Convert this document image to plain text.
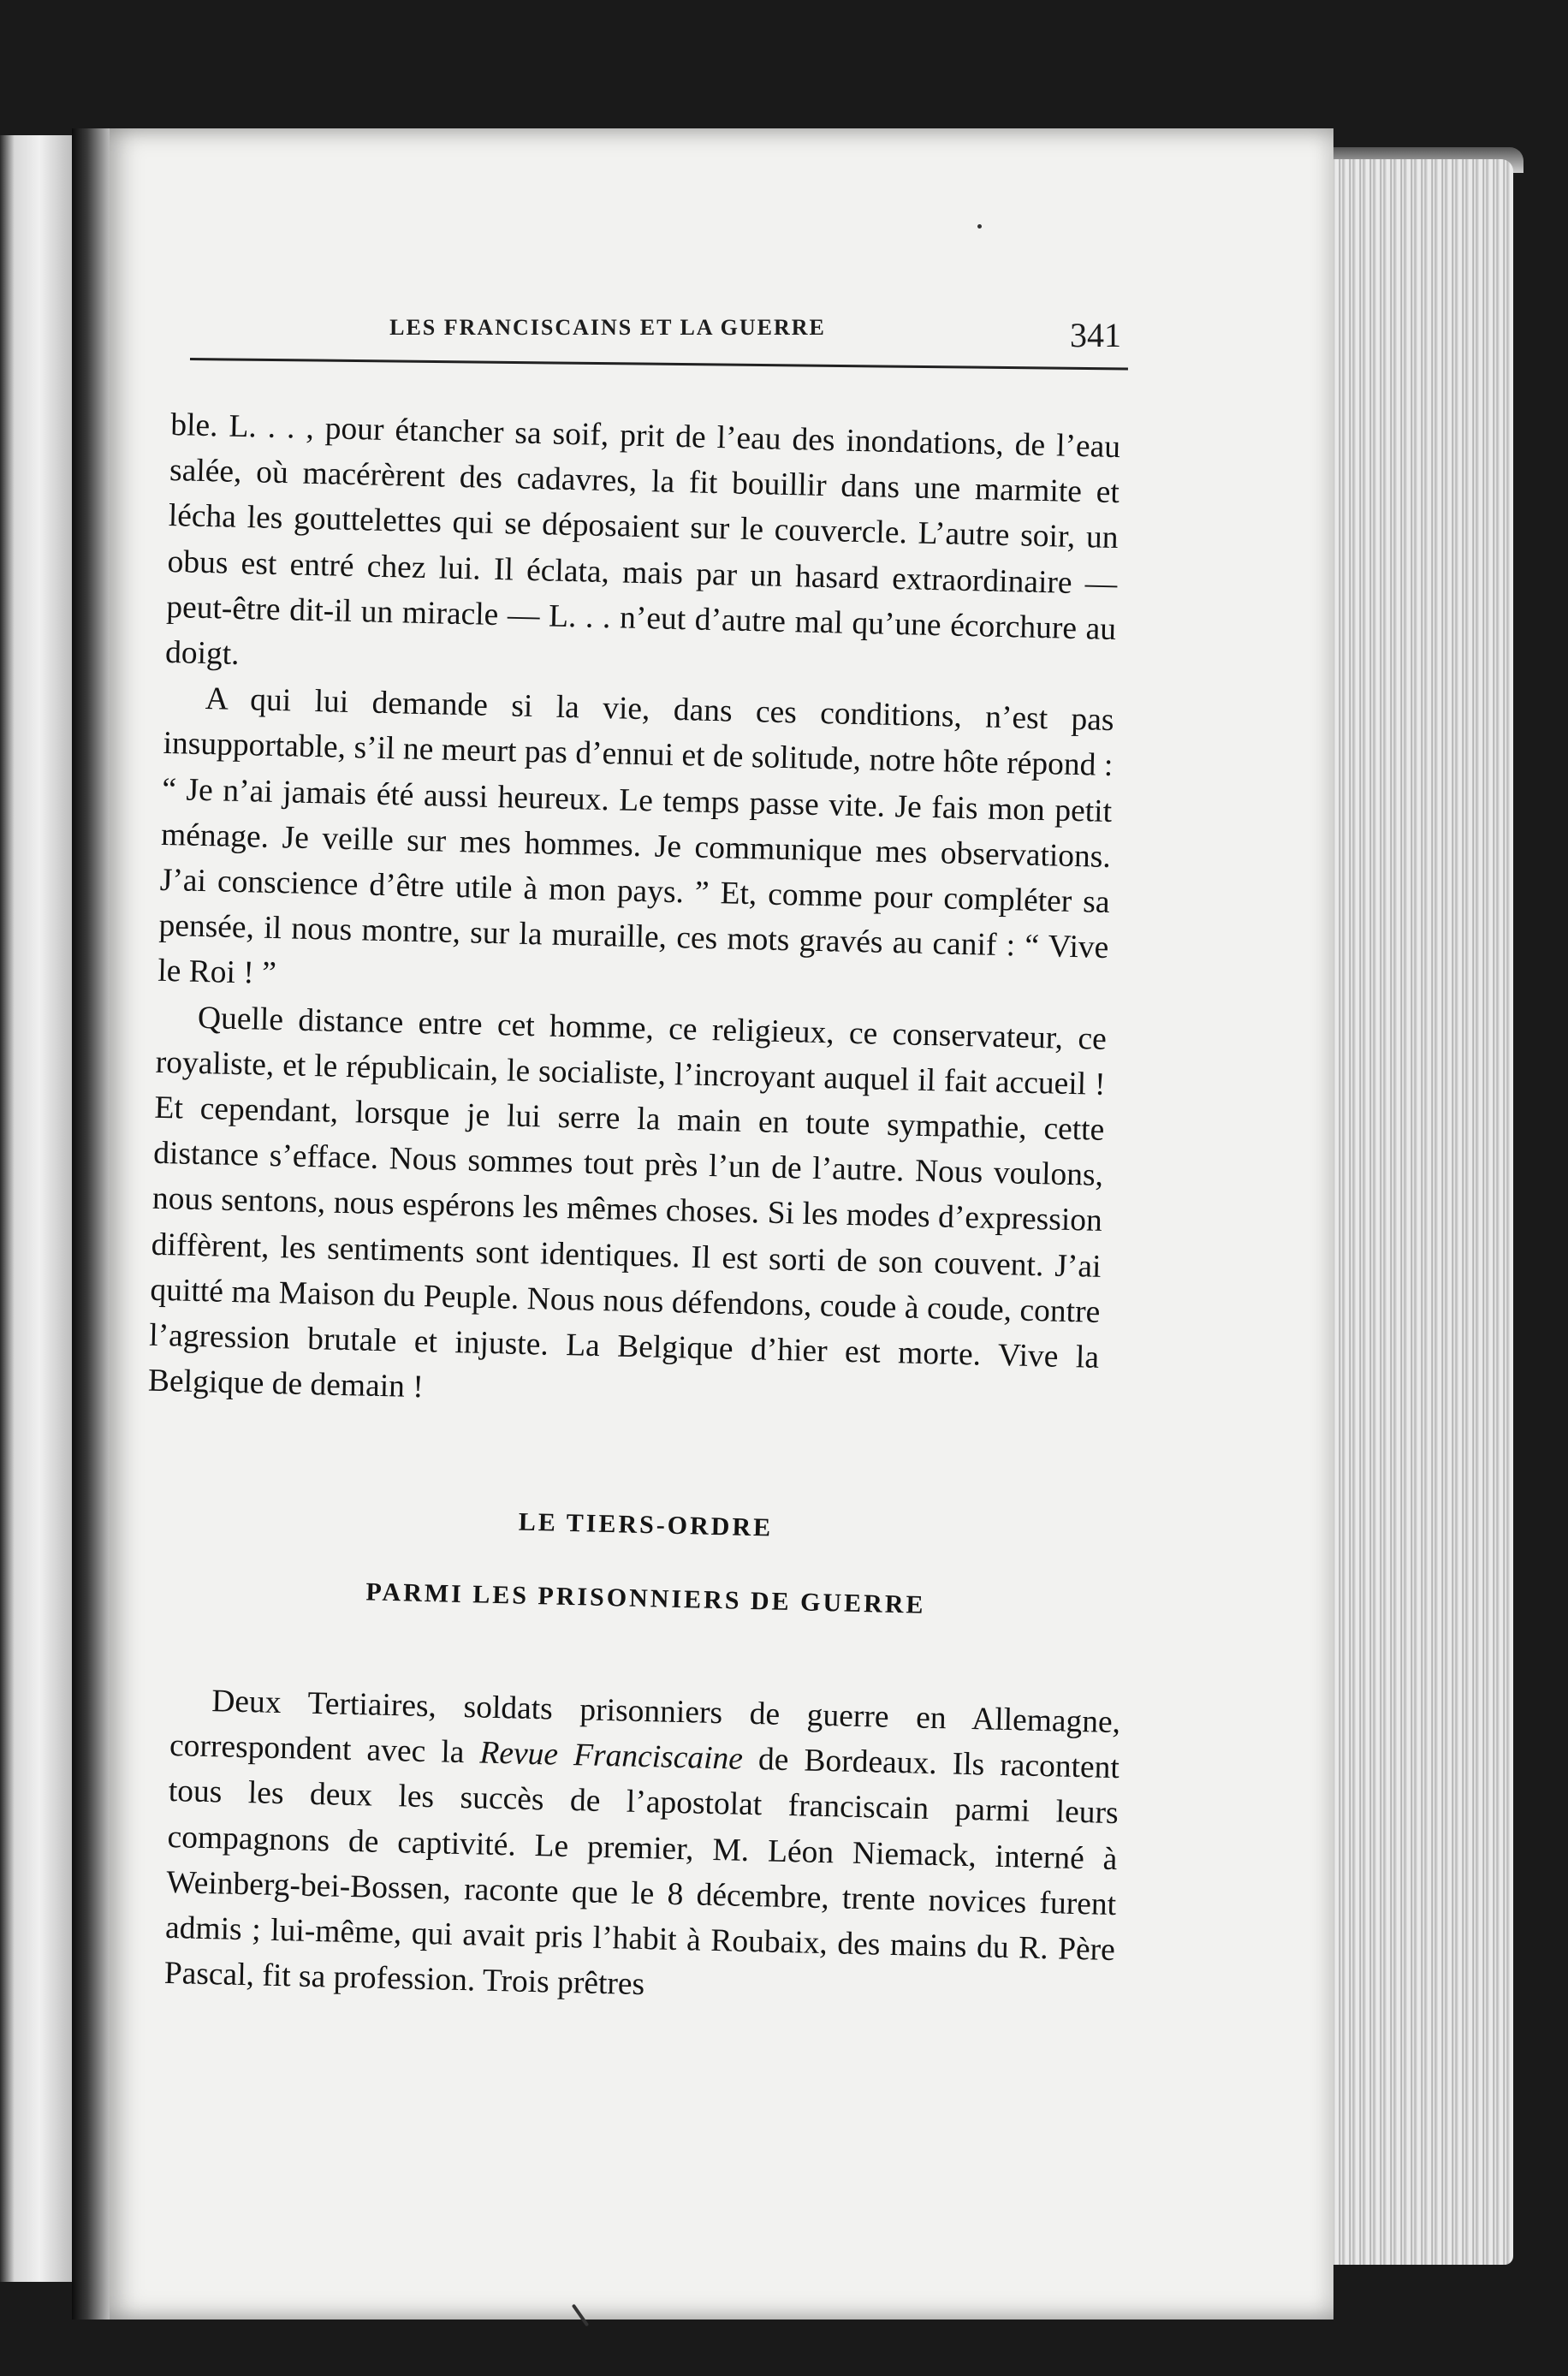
LES FRANCISCAINS ET LA GUERRE	341

ble. L. . . , pour étancher sa soif, prit de l’eau des inondations, de l’eau salée, où macérèrent des cadavres, la fit bouillir dans une marmite et lécha les gouttelettes qui se déposaient sur le couvercle. L’autre soir, un obus est entré chez lui. Il éclata, mais par un hasard extraordinaire — peut-être dit-il un miracle — L. . . n’eut d’autre mal qu’une écorchure au doigt.

A qui lui demande si la vie, dans ces conditions, n’est pas insupportable, s’il ne meurt pas d’ennui et de solitude, notre hôte répond : “ Je n’ai jamais été aussi heureux. Le temps passe vite. Je fais mon petit ménage. Je veille sur mes hommes. Je communique mes observations. J’ai conscience d’être utile à mon pays. ” Et, comme pour compléter sa pensée, il nous montre, sur la muraille, ces mots gravés au canif : “ Vive le Roi ! ”

Quelle distance entre cet homme, ce religieux, ce conservateur, ce royaliste, et le républicain, le socialiste, l’incroyant auquel il fait accueil ! Et cependant, lorsque je lui serre la main en toute sympathie, cette distance s’efface. Nous sommes tout près l’un de l’autre. Nous voulons, nous sentons, nous espérons les mêmes choses. Si les modes d’expression diffèrent, les sentiments sont identiques. Il est sorti de son couvent. J’ai quitté ma Maison du Peuple. Nous nous défendons, coude à coude, contre l’agression brutale et injuste. La Belgique d’hier est morte. Vive la Belgique de demain !

LE TIERS-ORDRE
PARMI LES PRISONNIERS DE GUERRE

Deux Tertiaires, soldats prisonniers de guerre en Allemagne, correspondent avec la Revue Franciscaine de Bordeaux. Ils racontent tous les deux les succès de l’apostolat franciscain parmi leurs compagnons de captivité. Le premier, M. Léon Niemack, interné à Weinberg-bei-Bossen, raconte que le 8 décembre, trente novices furent admis ; lui-même, qui avait pris l’habit à Roubaix, des mains du R. Père Pascal, fit sa profession. Trois prêtres
